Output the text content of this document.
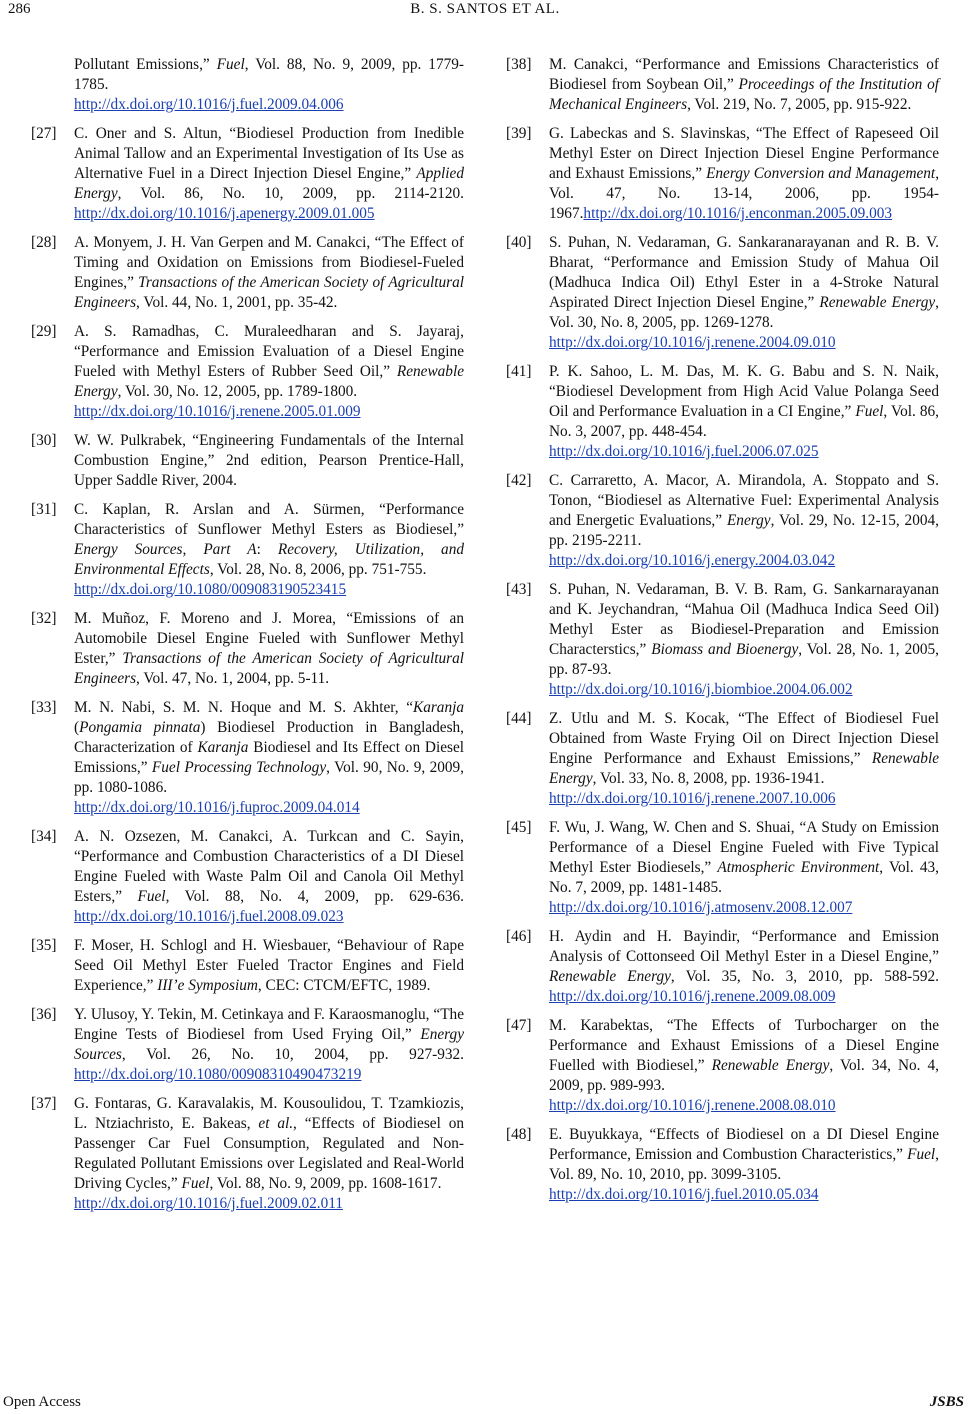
286	B. S. SANTOS ET AL.
Pollutant Emissions,” Fuel, Vol. 88, No. 9, 2009, pp. 1779-1785.
http://dx.doi.org/10.1016/j.fuel.2009.04.006
[27] C. Oner and S. Altun, “Biodiesel Production from Inedible Animal Tallow and an Experimental Investigation of Its Use as Alternative Fuel in a Direct Injection Diesel Engine,” Applied Energy, Vol. 86, No. 10, 2009, pp. 2114-2120. http://dx.doi.org/10.1016/j.apenergy.2009.01.005
[28] A. Monyem, J. H. Van Gerpen and M. Canakci, “The Effect of Timing and Oxidation on Emissions from Biodiesel-Fueled Engines,” Transactions of the American Society of Agricultural Engineers, Vol. 44, No. 1, 2001, pp. 35-42.
[29] A. S. Ramadhas, C. Muraleedharan and S. Jayaraj, “Performance and Emission Evaluation of a Diesel Engine Fueled with Methyl Esters of Rubber Seed Oil,” Renewable Energy, Vol. 30, No. 12, 2005, pp. 1789-1800.
http://dx.doi.org/10.1016/j.renene.2005.01.009
[30] W. W. Pulkrabek, “Engineering Fundamentals of the Internal Combustion Engine,” 2nd edition, Pearson Prentice-Hall, Upper Saddle River, 2004.
[31] C. Kaplan, R. Arslan and A. Sürmen, “Performance Characteristics of Sunflower Methyl Esters as Biodiesel,” Energy Sources, Part A: Recovery, Utilization, and Environmental Effects, Vol. 28, No. 8, 2006, pp. 751-755.
http://dx.doi.org/10.1080/009083190523415
[32] M. Muñoz, F. Moreno and J. Morea, “Emissions of an Automobile Diesel Engine Fueled with Sunflower Methyl Ester,” Transactions of the American Society of Agricultural Engineers, Vol. 47, No. 1, 2004, pp. 5-11.
[33] M. N. Nabi, S. M. N. Hoque and M. S. Akhter, “Karanja (Pongamia pinnata) Biodiesel Production in Bangladesh, Characterization of Karanja Biodiesel and Its Effect on Diesel Emissions,” Fuel Processing Technology, Vol. 90, No. 9, 2009, pp. 1080-1086.
http://dx.doi.org/10.1016/j.fuproc.2009.04.014
[34] A. N. Ozsezen, M. Canakci, A. Turkcan and C. Sayin, “Performance and Combustion Characteristics of a DI Diesel Engine Fueled with Waste Palm Oil and Canola Oil Methyl Esters,” Fuel, Vol. 88, No. 4, 2009, pp. 629-636. http://dx.doi.org/10.1016/j.fuel.2008.09.023
[35] F. Moser, H. Schlogl and H. Wiesbauer, “Behaviour of Rape Seed Oil Methyl Ester Fueled Tractor Engines and Field Experience,” III’e Symposium, CEC: CTCM/EFTC, 1989.
[36] Y. Ulusoy, Y. Tekin, M. Cetinkaya and F. Karaosmanoglu, “The Engine Tests of Biodiesel from Used Frying Oil,” Energy Sources, Vol. 26, No. 10, 2004, pp. 927-932. http://dx.doi.org/10.1080/00908310490473219
[37] G. Fontaras, G. Karavalakis, M. Kousoulidou, T. Tzamkiozis, L. Ntziachristo, E. Bakeas, et al., “Effects of Biodiesel on Passenger Car Fuel Consumption, Regulated and Non-Regulated Pollutant Emissions over Legislated and Real-World Driving Cycles,” Fuel, Vol. 88, No. 9, 2009, pp. 1608-1617.
http://dx.doi.org/10.1016/j.fuel.2009.02.011
[38] M. Canakci, “Performance and Emissions Characteristics of Biodiesel from Soybean Oil,” Proceedings of the Institution of Mechanical Engineers, Vol. 219, No. 7, 2005, pp. 915-922.
[39] G. Labeckas and S. Slavinskas, “The Effect of Rapeseed Oil Methyl Ester on Direct Injection Diesel Engine Performance and Exhaust Emissions,” Energy Conversion and Management, Vol. 47, No. 13-14, 2006, pp. 1954-1967.http://dx.doi.org/10.1016/j.enconman.2005.09.003
[40] S. Puhan, N. Vedaraman, G. Sankaranarayanan and R. B. V. Bharat, “Performance and Emission Study of Mahua Oil (Madhuca Indica Oil) Ethyl Ester in a 4-Stroke Natural Aspirated Direct Injection Diesel Engine,” Renewable Energy, Vol. 30, No. 8, 2005, pp. 1269-1278.
http://dx.doi.org/10.1016/j.renene.2004.09.010
[41] P. K. Sahoo, L. M. Das, M. K. G. Babu and S. N. Naik, “Biodiesel Development from High Acid Value Polanga Seed Oil and Performance Evaluation in a CI Engine,” Fuel, Vol. 86, No. 3, 2007, pp. 448-454.
http://dx.doi.org/10.1016/j.fuel.2006.07.025
[42] C. Carraretto, A. Macor, A. Mirandola, A. Stoppato and S. Tonon, “Biodiesel as Alternative Fuel: Experimental Analysis and Energetic Evaluations,” Energy, Vol. 29, No. 12-15, 2004, pp. 2195-2211.
http://dx.doi.org/10.1016/j.energy.2004.03.042
[43] S. Puhan, N. Vedaraman, B. V. B. Ram, G. Sankarnarayanan and K. Jeychandran, “Mahua Oil (Madhuca Indica Seed Oil) Methyl Ester as Biodiesel-Preparation and Emission Characterstics,” Biomass and Bioenergy, Vol. 28, No. 1, 2005, pp. 87-93.
http://dx.doi.org/10.1016/j.biombioe.2004.06.002
[44] Z. Utlu and M. S. Kocak, “The Effect of Biodiesel Fuel Obtained from Waste Frying Oil on Direct Injection Diesel Engine Performance and Exhaust Emissions,” Renewable Energy, Vol. 33, No. 8, 2008, pp. 1936-1941.
http://dx.doi.org/10.1016/j.renene.2007.10.006
[45] F. Wu, J. Wang, W. Chen and S. Shuai, “A Study on Emission Performance of a Diesel Engine Fueled with Five Typical Methyl Ester Biodiesels,” Atmospheric Environment, Vol. 43, No. 7, 2009, pp. 1481-1485.
http://dx.doi.org/10.1016/j.atmosenv.2008.12.007
[46] H. Aydin and H. Bayindir, “Performance and Emission Analysis of Cottonseed Oil Methyl Ester in a Diesel Engine,” Renewable Energy, Vol. 35, No. 3, 2010, pp. 588-592. http://dx.doi.org/10.1016/j.renene.2009.08.009
[47] M. Karabektas, “The Effects of Turbocharger on the Performance and Exhaust Emissions of a Diesel Engine Fuelled with Biodiesel,” Renewable Energy, Vol. 34, No. 4, 2009, pp. 989-993.
http://dx.doi.org/10.1016/j.renene.2008.08.010
[48] E. Buyukkaya, “Effects of Biodiesel on a DI Diesel Engine Performance, Emission and Combustion Characteristics,” Fuel, Vol. 89, No. 10, 2010, pp. 3099-3105.
http://dx.doi.org/10.1016/j.fuel.2010.05.034
Open Access	JSBS
